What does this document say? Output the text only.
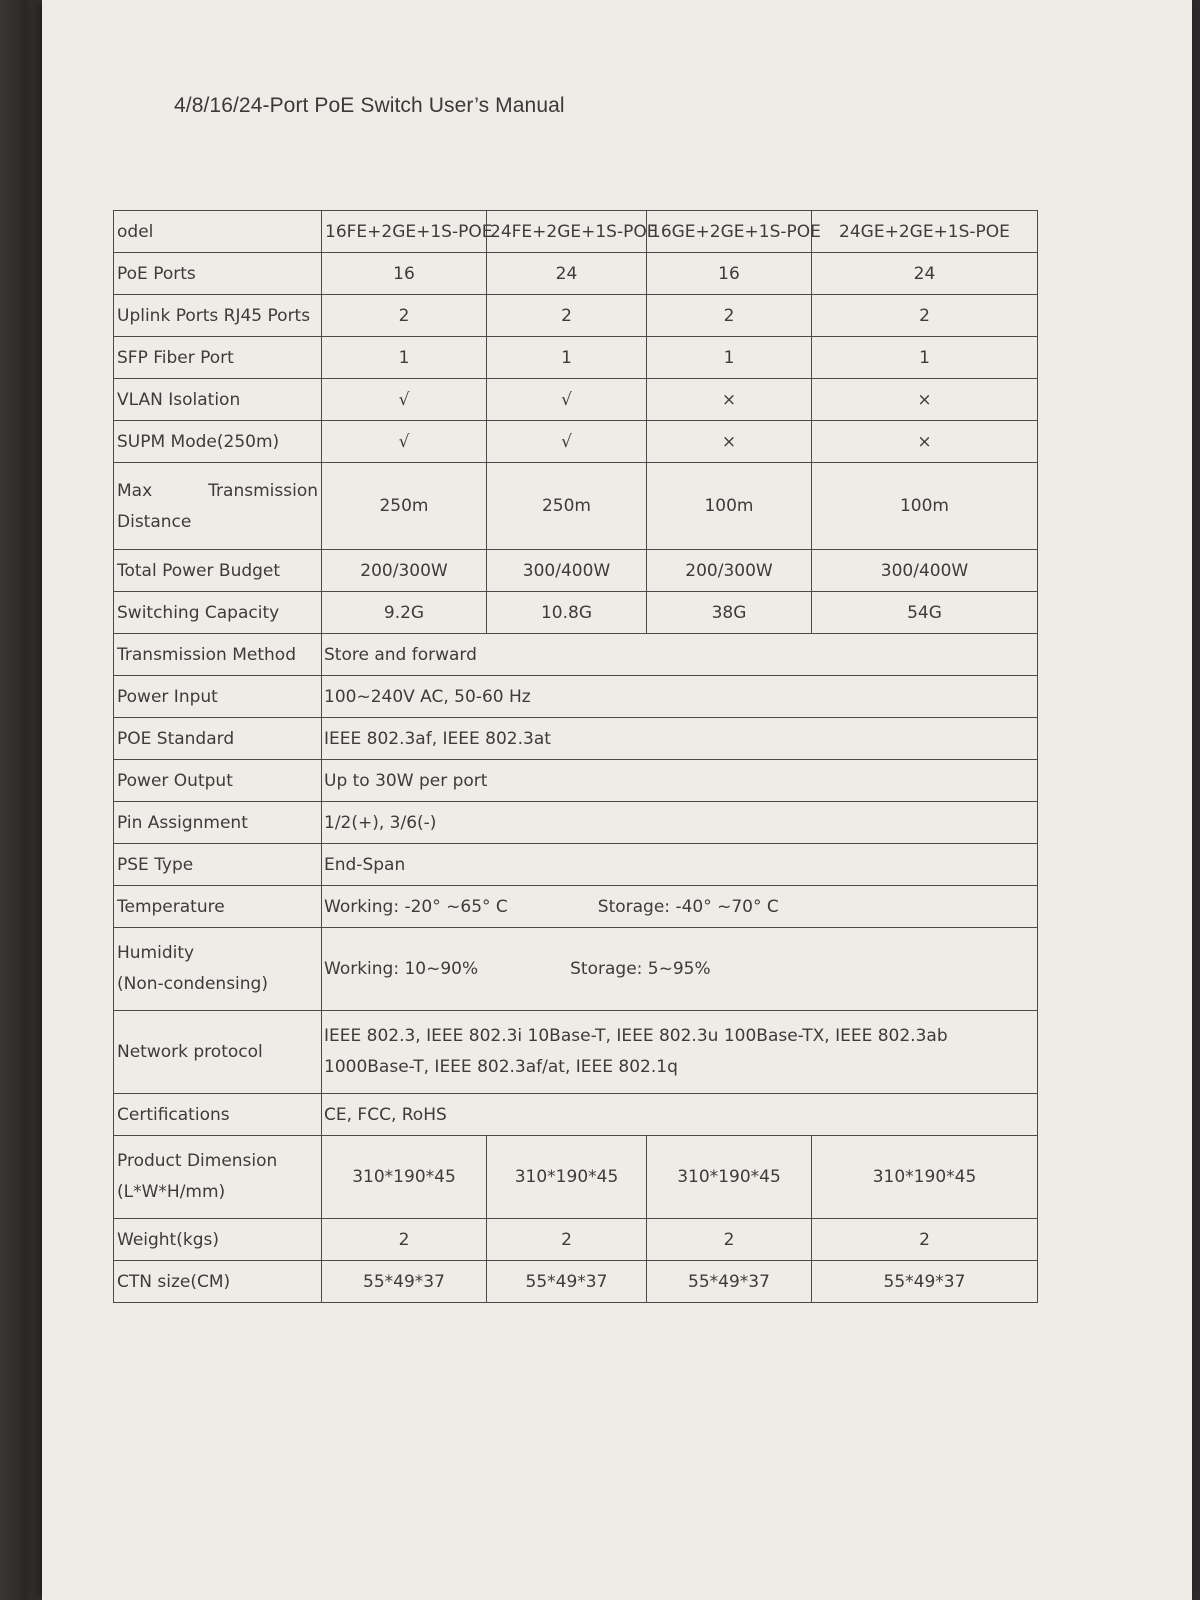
4/8/16/24-Port PoE Switch User’s Manual
odel	16FE+2GE+1S-POE	24FE+2GE+1S-POE	16GE+2GE+1S-POE	24GE+2GE+1S-POE
PoE Ports	16	24	16	24
Uplink Ports RJ45 Ports	2	2	2	2
SFP Fiber Port	1	1	1	1
VLAN Isolation	√	√	×	×
SUPM Mode(250m)	√	√	×	×

Max Transmission
Distance	250m	250m	100m	100m
Total Power Budget	200/300W	300/400W	200/300W	300/400W
Switching Capacity	9.2G	10.8G	38G	54G
Transmission Method	Store and forward			
Power Input	100~240V AC, 50-60 Hz			
POE Standard	IEEE 802.3af, IEEE 802.3at			
Power Output	Up to 30W per port			
Pin Assignment	1/2(+), 3/6(-)			
PSE Type	End-Span			
Temperature	Working: -20° ~65° C Storage: -40° ~70° C			

Humidity
(Non-condensing)	Working: 10~90% Storage: 5~95%			
Network protocol	IEEE 802.3, IEEE 802.3i 10Base-T, IEEE 802.3u 100Base-TX, IEEE 802.3ab
1000Base-T, IEEE 802.3af/at, IEEE 802.1q			

Certifications	CE, FCC, RoHS			

Product Dimension
(L*W*H/mm)	310*190*45	310*190*45	310*190*45	310*190*45
Weight(kgs)	2	2	2	2
CTN size(CM)	55*49*37	55*49*37	55*49*37	55*49*37
